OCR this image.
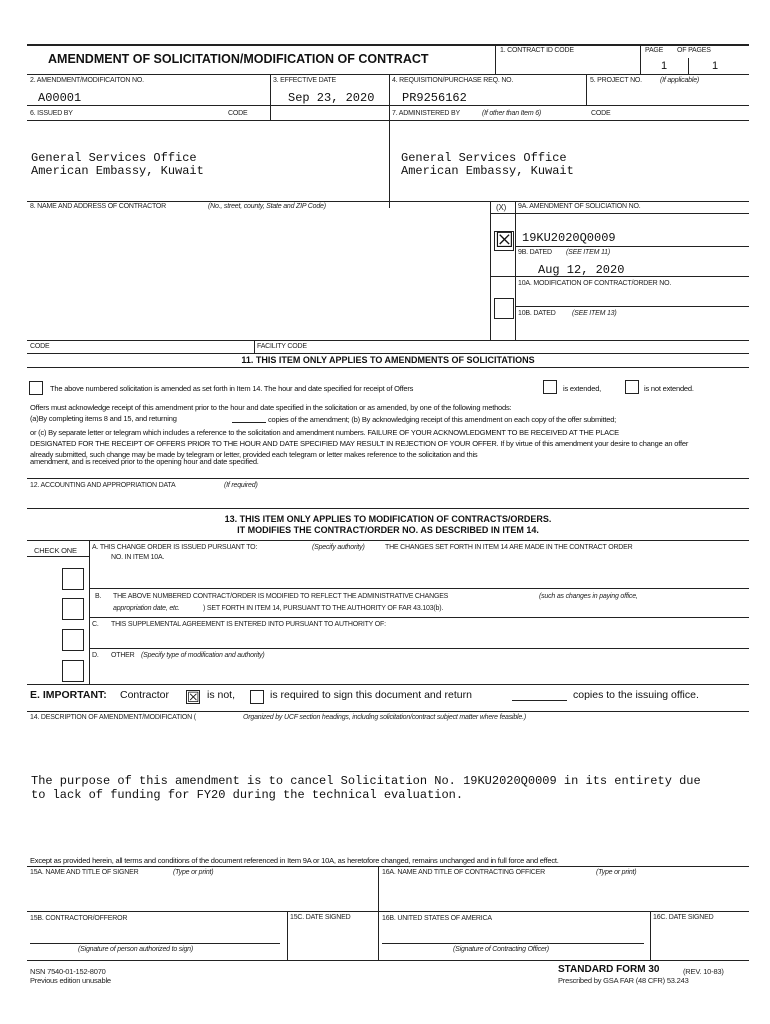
AMENDMENT OF SOLICITATION/MODIFICATION OF CONTRACT
1. CONTRACT ID CODE	PAGE OF PAGES
1	1
2. AMENDMENT/MODIFICAITON NO.
A00001
3. EFFECTIVE DATE
Sep 23, 2020
4. REQUISITION/PURCHASE REQ. NO.
PR9256162
5. PROJECT NO.	(If applicable)
6. ISSUED BY	CODE
General Services Office
American Embassy, Kuwait
7. ADMINISTERED BY	(If other than Item 6)	CODE
General Services Office
American Embassy, Kuwait
8. NAME AND ADDRESS OF CONTRACTOR	(No., street, county, State and ZIP Code)	(X) 9A. AMENDMENT OF SOLICIATION NO.
☒ 19KU2020Q0009
9B. DATED (SEE ITEM 11)
Aug 12, 2020
10A. MODIFICATION OF CONTRACT/ORDER NO.
10B. DATED (SEE ITEM 13)
CODE	FACILITY CODE
11. THIS ITEM ONLY APPLIES TO AMENDMENTS OF SOLICITATIONS
The above numbered solicitation is amended as set forth in Item 14. The hour and date specified for receipt of Offers	is extended,	is not extended.
Offers must acknowledge receipt of this amendment prior to the hour and date specified in the solicitation or as amended, by one of the following methods:
(a)By completing items 8 and 15, and returning	copies of the amendment; (b) By acknowledging receipt of this amendment on each copy of the offer submitted;
or (c) By separate letter or telegram which includes a reference to the solicitation and amendment numbers. FAILURE OF YOUR ACKNOWLEDGMENT TO BE RECEIVED AT THE PLACE
DESIGNATED FOR THE RECEIPT OF OFFERS PRIOR TO THE HOUR AND DATE SPECIFIED MAY RESULT IN REJECTION OF YOUR OFFER. If by virtue of this amendment your desire to change an offer
already submitted, such change may be made by telegram or letter, provided each telegram or letter makes reference to the solicitation and this
amendment, and is received prior to the opening hour and date specified.
12. ACCOUNTING AND APPROPRIATION DATA	(If required)
13. THIS ITEM ONLY APPLIES TO MODIFICATION OF CONTRACTS/ORDERS.
IT MODIFIES THE CONTRACT/ORDER NO. AS DESCRIBED IN ITEM 14.
CHECK ONE A. THIS CHANGE ORDER IS ISSUED PURSUANT TO:	(Specify authority)	THE CHANGES SET FORTH IN ITEM 14 ARE MADE IN THE CONTRACT ORDER
NO. IN ITEM 10A.
B. THE ABOVE NUMBERED CONTRACT/ORDER IS MODIFIED TO REFLECT THE ADMINISTRATIVE CHANGES	(such as changes in paying office,
appropriation date, etc.	) SET FORTH IN ITEM 14, PURSUANT TO THE AUTHORITY OF FAR 43.103(b).
C. THIS SUPPLEMENTAL AGREEMENT IS ENTERED INTO PURSUANT TO AUTHORITY OF:
D. OTHER (Specify type of modification and authority)
E. IMPORTANT: Contractor ☒ is not,	is required to sign this document and return	copies to the issuing office.
14. DESCRIPTION OF AMENDMENT/MODIFICATION (	Organized by UCF section headings, including solicitation/contract subject matter where feasible.)
The purpose of this amendment is to cancel Solicitation No. 19KU2020Q0009 in its entirety due
to lack of funding for FY20 during the technical evaluation.
Except as provided herein, all terms and conditions of the document referenced in Item 9A or 10A, as heretofore changed, remains unchanged and in full force and effect.
15A. NAME AND TITLE OF SIGNER	(Type or print)	16A. NAME AND TITLE OF CONTRACTING OFFICER	(Type or print)
15B. CONTRACTOR/OFFEROR	15C. DATE SIGNED	16B. UNITED STATES OF AMERICA	16C. DATE SIGNED
(Signature of person authorized to sign)	(Signature of Contracting Officer)
NSN 7540-01-152-8070
Previous edition unusable
STANDARD FORM 30	(REV. 10-83)
Prescribed by GSA FAR (48 CFR) 53.243
